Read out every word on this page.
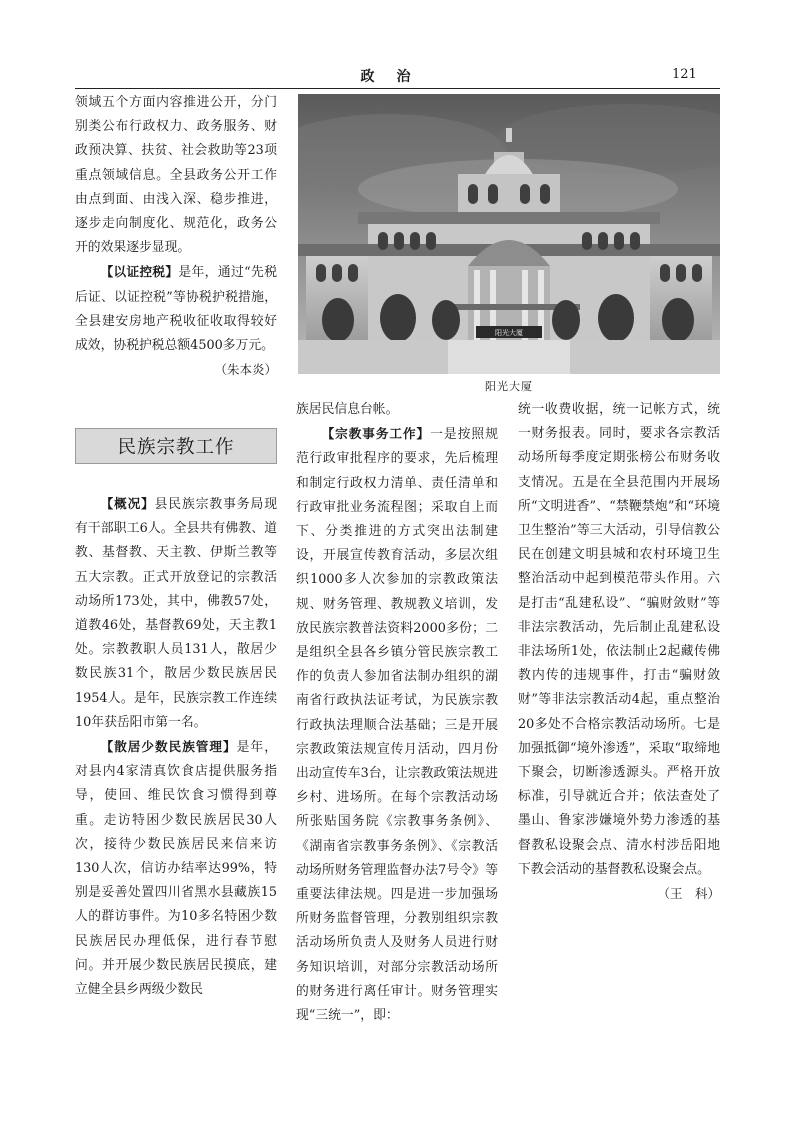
政治	121

领域五个方面内容推进公开，分门别类公布行政权力、政务服务、财政预决算、扶贫、社会救助等23项重点领域信息。全县政务公开工作由点到面、由浅入深、稳步推进，逐步走向制度化、规范化，政务公开的效果逐步显现。

【以证控税】是年，通过“先税后证、以证控税”等协税护税措施，全县建安房地产税收征收取得较好成效，协税护税总额4500多万元。

（朱本炎）

民族宗教工作

【概况】县民族宗教事务局现有干部职工6人。全县共有佛教、道教、基督教、天主教、伊斯兰教等五大宗教。正式开放登记的宗教活动场所173处，其中，佛教57处，道教46处，基督教69处，天主教1处。宗教教职人员131人，散居少数民族31个，散居少数民族居民1954人。是年，民族宗教工作连续10年获岳阳市第一名。

【散居少数民族管理】是年，对县内4家清真饮食店提供服务指导，使回、维民饮食习惯得到尊重。走访特困少数民族居民30人次，接待少数民族居民来信来访130人次，信访办结率达99%，特别是妥善处置四川省黑水县藏族15人的群访事件。为10多名特困少数民族居民办理低保，进行春节慰问。并开展少数民族居民摸底，建立健全县乡两级少数民

阳光大厦
阳光大厦

族居民信息台帐。

【宗教事务工作】一是按照规范行政审批程序的要求，先后梳理和制定行政权力清单、责任清单和行政审批业务流程图；采取自上而下、分类推进的方式突出法制建设，开展宣传教育活动，多层次组织1000多人次参加的宗教政策法规、财务管理、教规教义培训，发放民族宗教普法资料2000多份；二是组织全县各乡镇分管民族宗教工作的负责人参加省法制办组织的湖南省行政执法证考试，为民族宗教行政执法理顺合法基础；三是开展宗教政策法规宣传月活动，四月份出动宣传车3台，让宗教政策法规进乡村、进场所。在每个宗教活动场所张贴国务院《宗教事务条例》、《湖南省宗教事务条例》、《宗教活动场所财务管理监督办法7号令》等重要法律法规。四是进一步加强场所财务监督管理，分教别组织宗教活动场所负责人及财务人员进行财务知识培训，对部分宗教活动场所的财务进行离任审计。财务管理实现“三统一”，即：

统一收费收据，统一记帐方式，统一财务报表。同时，要求各宗教活动场所每季度定期张榜公布财务收支情况。五是在全县范围内开展场所“文明进香”、“禁鞭禁炮”和“环境卫生整治”等三大活动，引导信教公民在创建文明县城和农村环境卫生整治活动中起到模范带头作用。六是打击“乱建私设”、“骗财敛财”等非法宗教活动，先后制止乱建私设非法场所1处，依法制止2起藏传佛教内传的违规事件，打击“骗财敛财”等非法宗教活动4起，重点整治20多处不合格宗教活动场所。七是加强抵御“境外渗透”，采取“取缔地下聚会，切断渗透源头。严格开放标准，引导就近合并；依法查处了墨山、鲁家涉嫌境外势力渗透的基督教私设聚会点、清水村涉岳阳地下教会活动的基督教私设聚会点。

（王　科）
